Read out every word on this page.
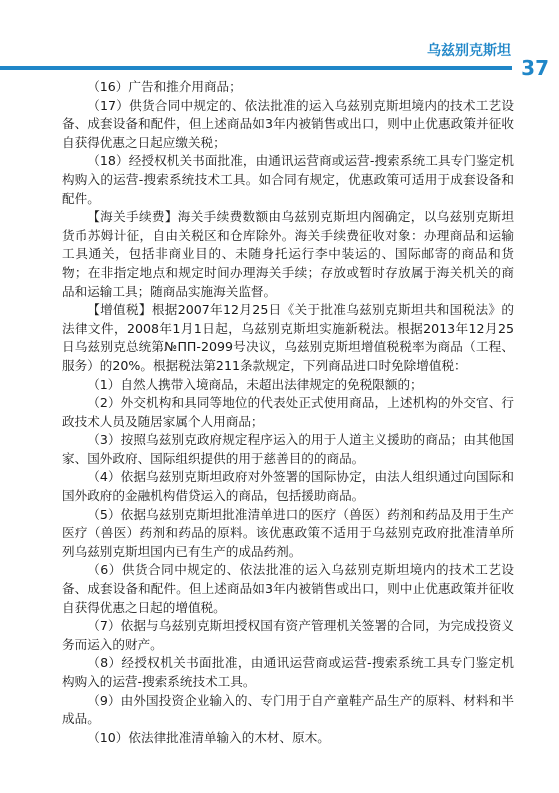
乌兹别克斯坦
37

（16）广告和推介用商品；

（17）供货合同中规定的、依法批准的运入乌兹别克斯坦境内的技术工艺设备、成套设备和配件，但上述商品如3年内被销售或出口，则中止优惠政策并征收自获得优惠之日起应缴关税；

（18）经授权机关书面批准，由通讯运营商或运营-搜索系统工具专门鉴定机构购入的运营-搜索系统技术工具。如合同有规定，优惠政策可适用于成套设备和配件。

【海关手续费】海关手续费数额由乌兹别克斯坦内阁确定，以乌兹别克斯坦货币苏姆计征，自由关税区和仓库除外。海关手续费征收对象：办理商品和运输工具通关，包括非商业目的、未随身托运行李中装运的、国际邮寄的商品和货物；在非指定地点和规定时间办理海关手续；存放或暂时存放属于海关机关的商品和运输工具；随商品实施海关监督。

【增值税】根据2007年12月25日《关于批准乌兹别克斯坦共和国税法》的法律文件，2008年1月1日起，乌兹别克斯坦实施新税法。根据2013年12月25日乌兹别克总统第№ПП-2099号决议，乌兹别克斯坦增值税税率为商品（工程、服务）的20%。根据税法第211条款规定，下列商品进口时免除增值税：

（1）自然人携带入境商品，未超出法律规定的免税限额的；

（2）外交机构和具同等地位的代表处正式使用商品，上述机构的外交官、行政技术人员及随居家属个人用商品；

（3）按照乌兹别克政府规定程序运入的用于人道主义援助的商品；由其他国家、国外政府、国际组织提供的用于慈善目的的商品。

（4）依据乌兹别克斯坦政府对外签署的国际协定，由法人组织通过向国际和国外政府的金融机构借贷运入的商品，包括援助商品。

（5）依据乌兹别克斯坦批准清单进口的医疗（兽医）药剂和药品及用于生产医疗（兽医）药剂和药品的原料。该优惠政策不适用于乌兹别克政府批准清单所列乌兹别克斯坦国内已有生产的成品药剂。

（6）供货合同中规定的、依法批准的运入乌兹别克斯坦境内的技术工艺设备、成套设备和配件。但上述商品如3年内被销售或出口，则中止优惠政策并征收自获得优惠之日起的增值税。

（7）依据与乌兹别克斯坦授权国有资产管理机关签署的合同，为完成投资义务而运入的财产。

（8）经授权机关书面批准，由通讯运营商或运营-搜索系统工具专门鉴定机构购入的运营-搜索系统技术工具。

（9）由外国投资企业输入的、专门用于自产童鞋产品生产的原料、材料和半成品。

（10）依法律批准清单输入的木材、原木。
